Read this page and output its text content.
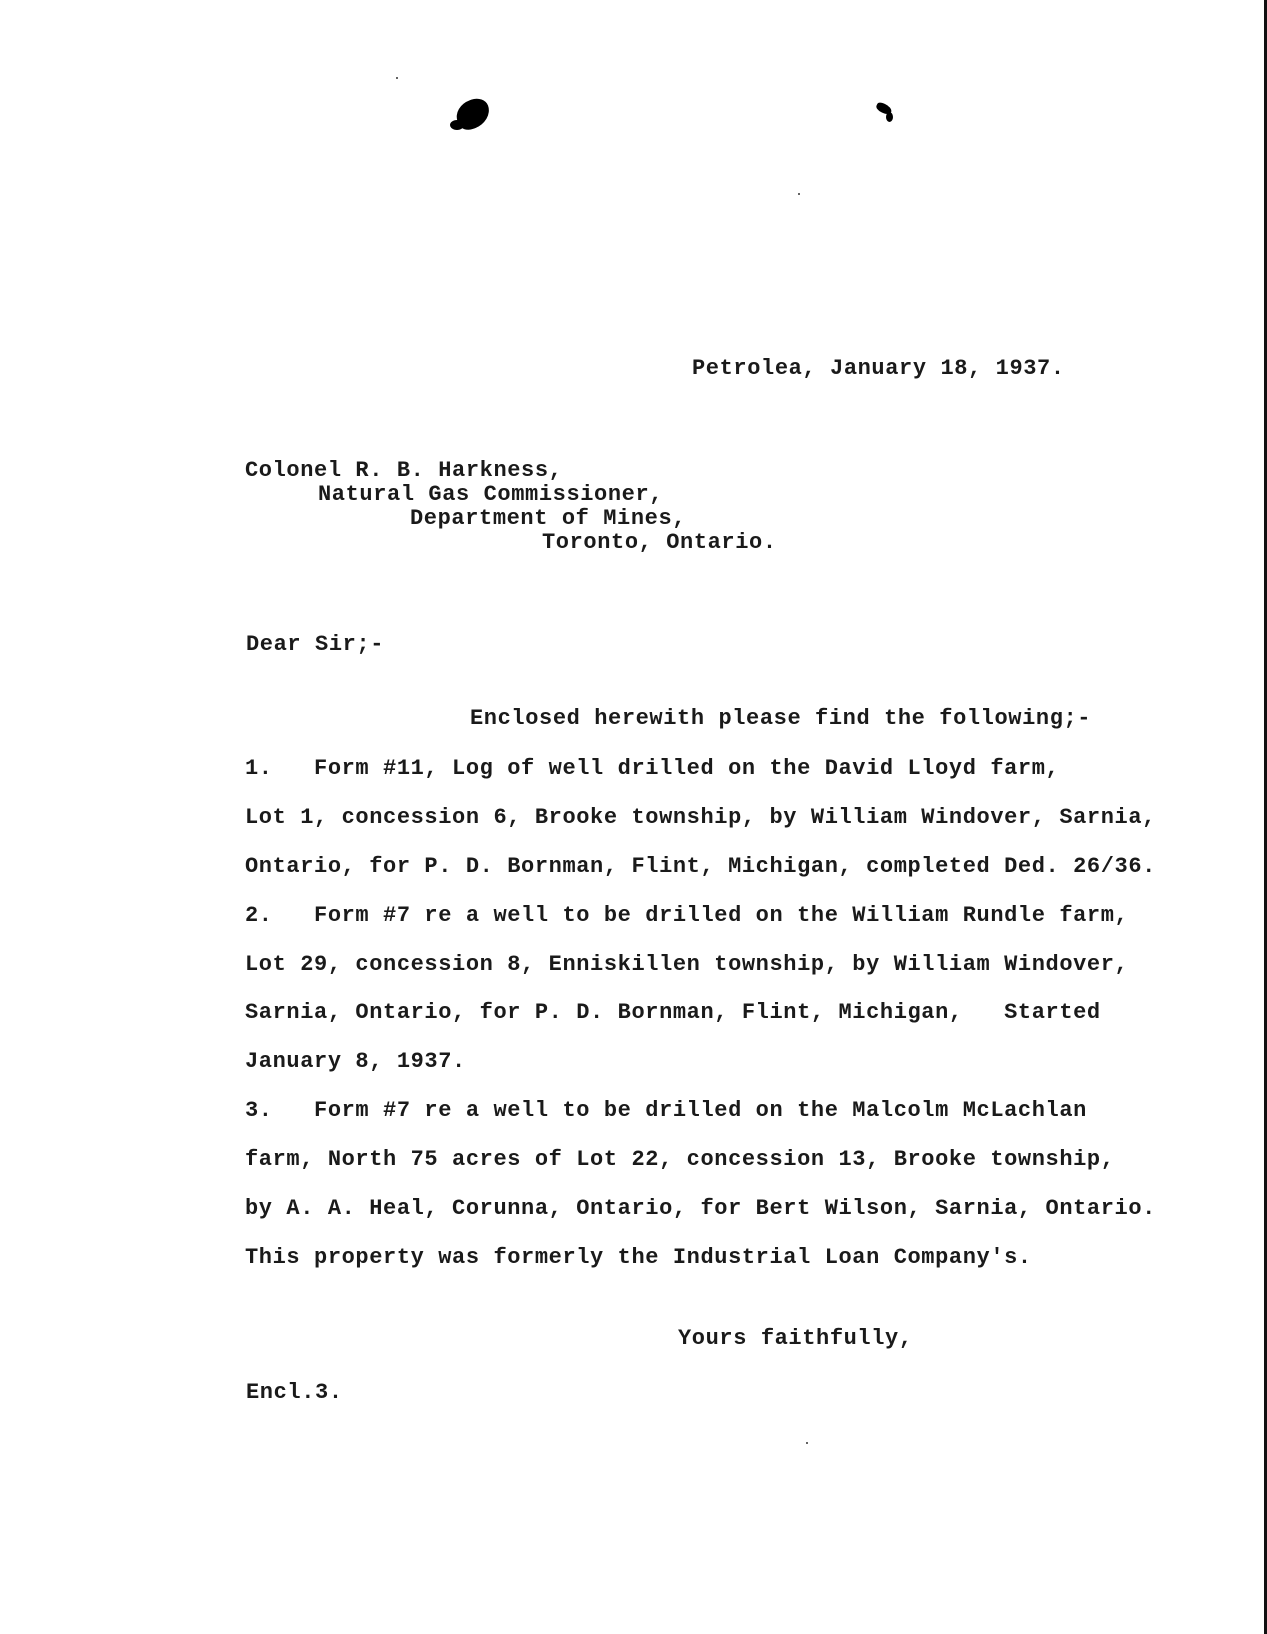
Petrolea, January 18, 1937.
Colonel R. B. Harkness,
Natural Gas Commissioner,
Department of Mines,
Toronto, Ontario.
Dear Sir;-
Enclosed herewith please find the following;-
1.   Form #11, Log of well drilled on the David Lloyd farm,
Lot 1, concession 6, Brooke township, by William Windover, Sarnia,
Ontario, for P. D. Bornman, Flint, Michigan, completed Ded. 26/36.
2.   Form #7 re a well to be drilled on the William Rundle farm,
Lot 29, concession 8, Enniskillen township, by William Windover,
Sarnia, Ontario, for P. D. Bornman, Flint, Michigan,   Started
January 8, 1937.
3.   Form #7 re a well to be drilled on the Malcolm McLachlan
farm, North 75 acres of Lot 22, concession 13, Brooke township,
by A. A. Heal, Corunna, Ontario, for Bert Wilson, Sarnia, Ontario.
This property was formerly the Industrial Loan Company's.
Yours faithfully,
Encl.3.
